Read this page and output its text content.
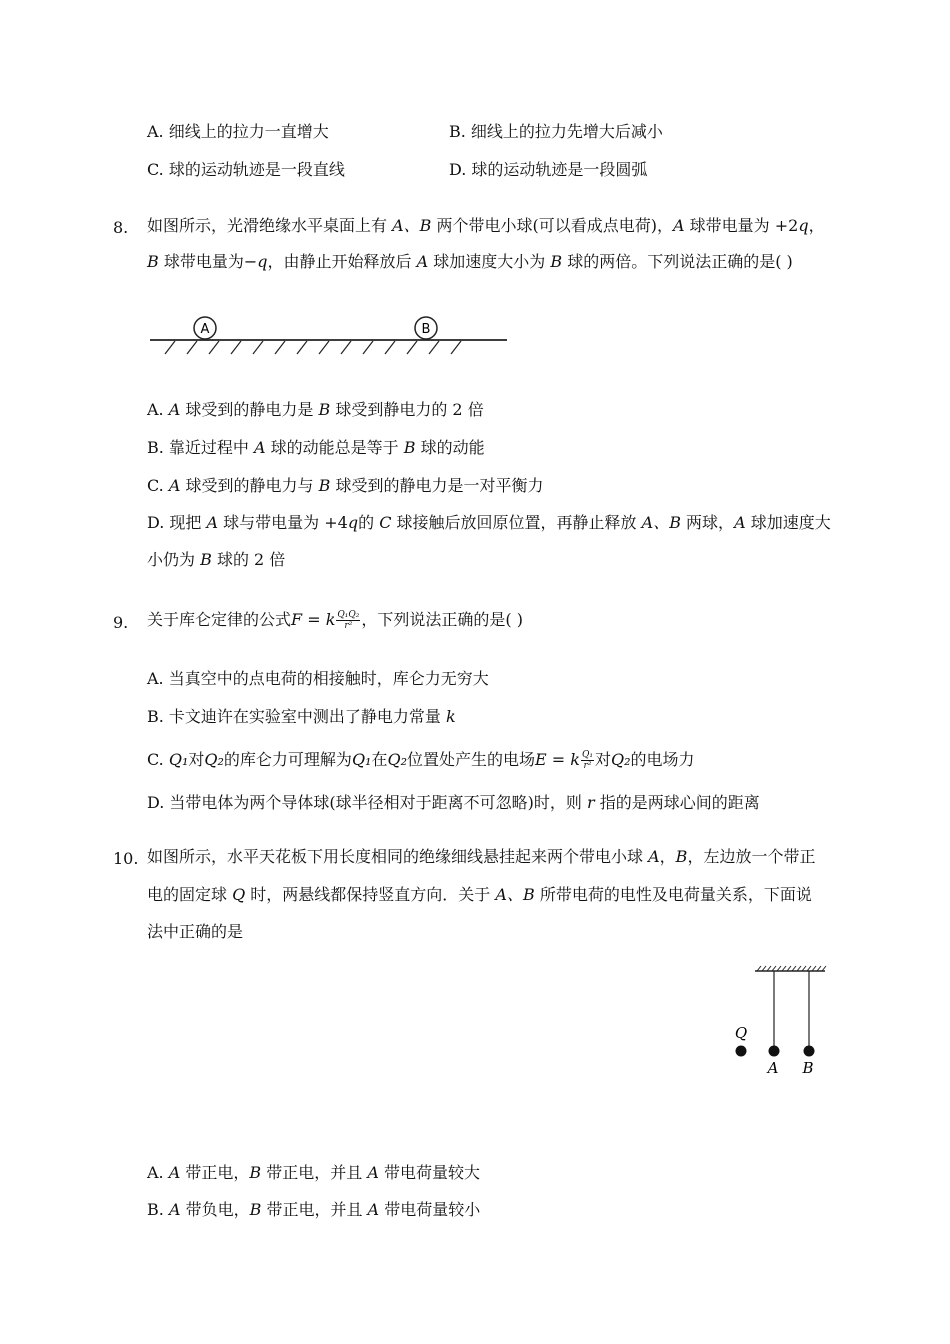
A. 细线上的拉力一直增大	B. 细线上的拉力先增大后减小
C. 球的运动轨迹是一段直线	D. 球的运动轨迹是一段圆弧
8. 如图所示，光滑绝缘水平桌面上有 A、B 两个带电小球(可以看成点电荷)，A 球带电量为 +2q，
B 球带电量为−q，由静止开始释放后 A 球加速度大小为 B 球的两倍。下列说法正确的是( )
A	B
A. A 球受到的静电力是 B 球受到静电力的 2 倍
B. 靠近过程中 A 球的动能总是等于 B 球的动能
C. A 球受到的静电力与 B 球受到的静电力是一对平衡力
D. 现把 A 球与带电量为 +4q的 C 球接触后放回原位置，再静止释放 A、B 两球，A 球加速度大
小仍为 B 球的 2 倍
9. 关于库仑定律的公式F = k $\frac{\text{Q₁Q₂}}{\text{r²}}$ ，下列说法正确的是( )
A. 当真空中的点电荷的相接触时，库仑力无穷大
B. 卡文迪许在实验室中测出了静电力常量 k
C. Q₁对Q₂的库仑力可理解为Q₁在Q₂位置处产生的电场E = k $\frac{\text{Q₁}}{\text{r²}}$ 对Q₂的电场力
D. 当带电体为两个导体球(球半径相对于距离不可忽略)时，则 r 指的是两球心间的距离
10. 如图所示，水平天花板下用长度相同的绝缘细线悬挂起来两个带电小球 A，B，左边放一个带正
电的固定球 Q 时，两悬线都保持竖直方向．关于 A、B 所带电荷的电性及电荷量关系，下面说
法中正确的是
Q
A B
A. A 带正电，B 带正电，并且 A 带电荷量较大
B. A 带负电，B 带正电，并且 A 带电荷量较小
